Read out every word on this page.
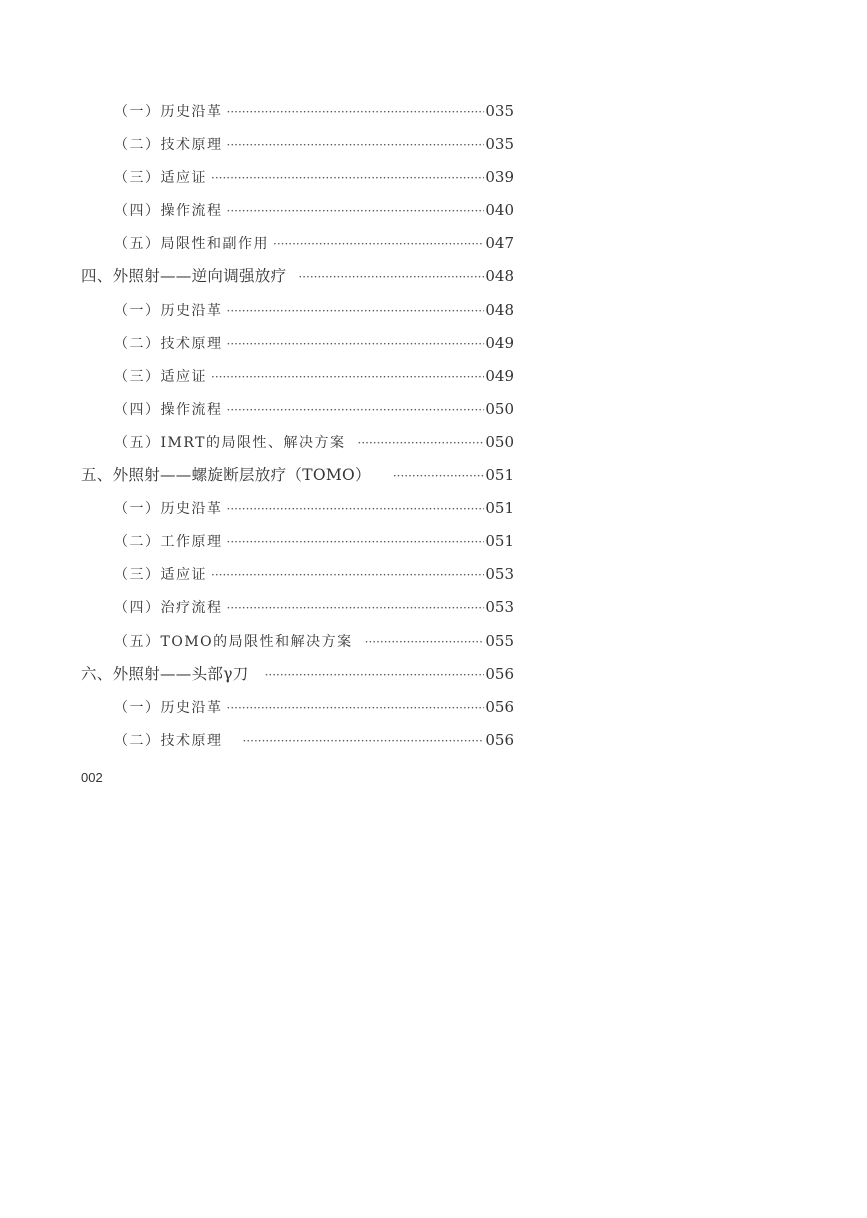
（一）历史沿革 ·····	035
（二）技术原理 ·····	035
（三）适应证 ·····	039
（四）操作流程 ·····	040
（五）局限性和副作用 ·····	047
四、外照射——逆向调强放疗 ·····	048
（一）历史沿革 ·····	048
（二）技术原理 ·····	049
（三）适应证 ·····	049
（四）操作流程 ·····	050
（五）IMRT的局限性、解决方案 ·····	050
五、外照射——螺旋断层放疗（TOMO） ·····	051
（一）历史沿革 ·····	051
（二）工作原理 ·····	051
（三）适应证 ·····	053
（四）治疗流程 ·····	053
（五）TOMO的局限性和解决方案 ·····	055
六、外照射——头部γ刀 ·····	056
（一）历史沿革 ·····	056
（二）技术原理 ·····	056
002
